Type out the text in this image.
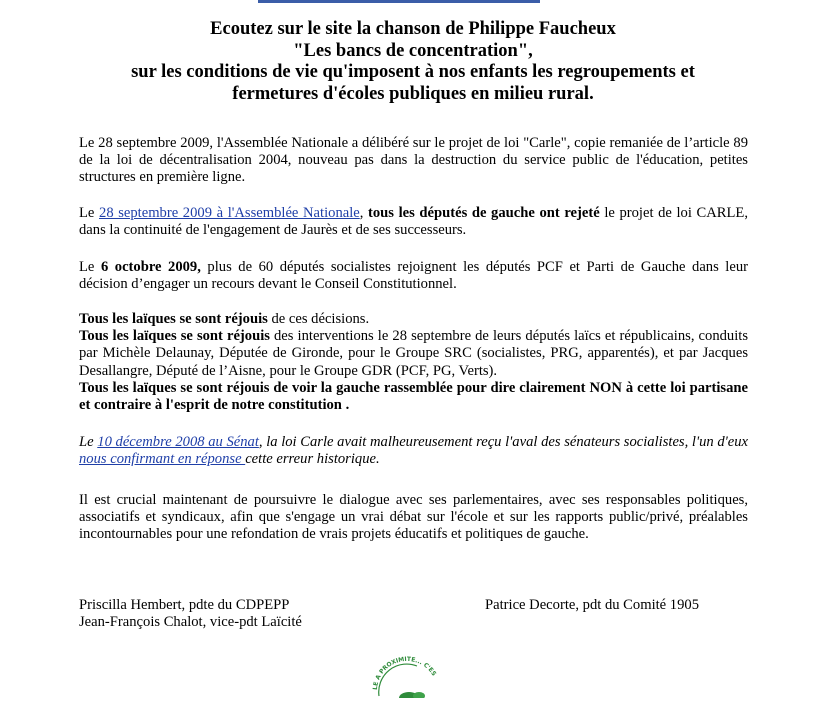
Ecoutez sur le site la chanson de Philippe Faucheux
"Les bancs de concentration",
sur les conditions de vie qu'imposent à nos enfants les regroupements et
fermetures d'écoles publiques en milieu rural.
Le 28 septembre 2009, l'Assemblée Nationale a délibéré sur le projet de loi "Carle", copie remaniée de l’article 89 de la loi de décentralisation 2004, nouveau pas dans la destruction du service public de l'éducation, petites structures en première ligne.
Le 28 septembre 2009 à l'Assemblée Nationale, tous les députés de gauche ont rejeté le projet de loi CARLE, dans la continuité de l'engagement de Jaurès et de ses successeurs.
Le 6 octobre 2009, plus de 60 députés socialistes rejoignent les députés PCF et Parti de Gauche dans leur décision d’engager un recours devant le Conseil Constitutionnel.
Tous les laïques se sont réjouis de ces décisions.
Tous les laïques se sont réjouis des interventions le 28 septembre de leurs députés laïcs et républicains, conduits par Michèle Delaunay, Députée de Gironde, pour le Groupe SRC (socialistes, PRG, apparentés), et par Jacques Desallangre, Député de l’Aisne, pour le Groupe GDR (PCF, PG, Verts).
Tous les laïques se sont réjouis de voir la gauche rassemblée pour dire clairement NON à cette loi partisane et contraire à l'esprit de notre constitution .
Le 10 décembre 2008 au Sénat, la loi Carle avait malheureusement reçu l'aval des sénateurs socialistes, l'un d'eux nous confirmant en réponse cette erreur historique.
Il est crucial maintenant de poursuivre le dialogue avec ses parlementaires, avec ses responsables politiques, associatifs et syndicaux, afin que s'engage un vrai débat sur l'école et sur les rapports public/privé, préalables incontournables pour une refondation de vrais projets éducatifs et politiques de gauche.
Priscilla Hembert, pdte du CDPEPP
Jean-François Chalot, vice-pdt Laïcité
Patrice Decorte, pdt du Comité 1905
LE A PROXIMITE... C'ES
